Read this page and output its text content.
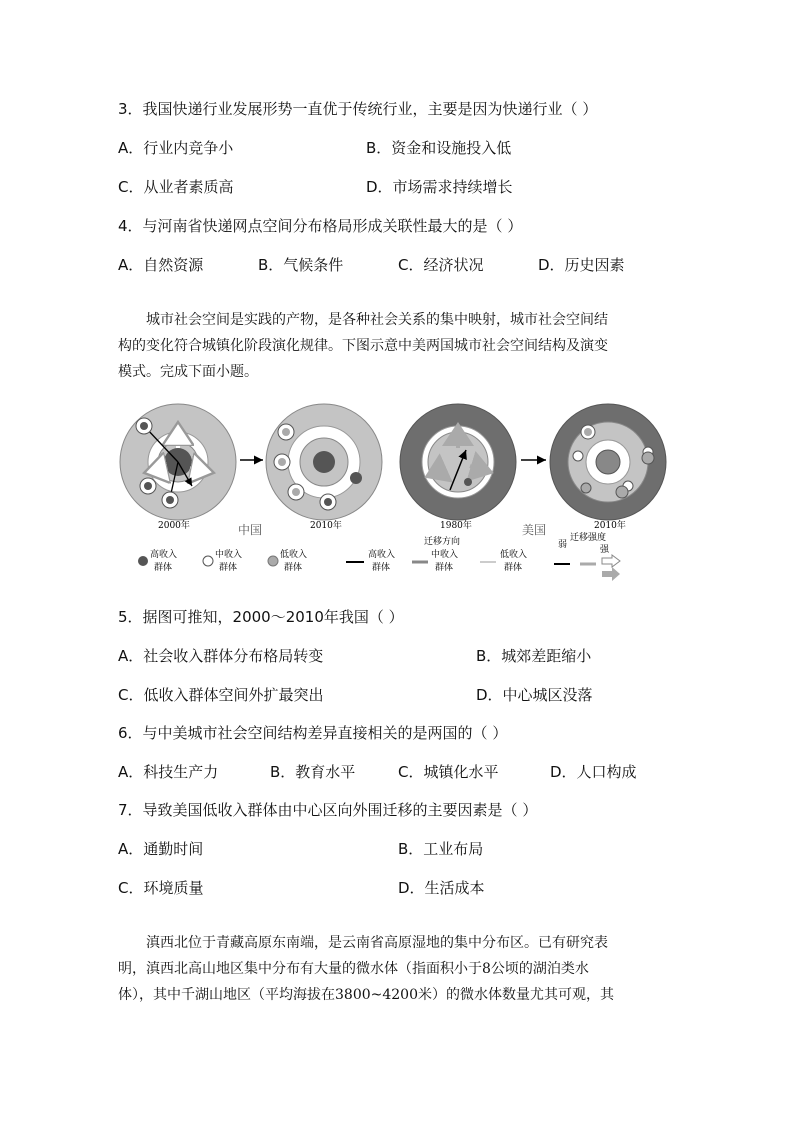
3．我国快递行业发展形势一直优于传统行业，主要是因为快递行业（ ）
A．行业内竞争小	B．资金和设施投入低
C．从业者素质高	D．市场需求持续增长
4．与河南省快递网点空间分布格局形成关联性最大的是（ ）
A．自然资源	B．气候条件	C．经济状况	D．历史因素

城市社会空间是实践的产物，是各种社会关系的集中映射，城市社会空间结

构的变化符合城镇化阶段演化规律。下图示意中美两国城市社会空间结构及演变

模式。完成下面小题。

2000年	中国	2010年	1980年	美国	2010年
高收入
群体
中收入
群体
低收入
群体
高收入
群体
迁移方向
中收入
群体
低收入
群体
弱
迁移强度
强
5．据图可推知，2000～2010年我国（ ）
A．社会收入群体分布格局转变	B．城郊差距缩小
C．低收入群体空间外扩最突出	D．中心城区没落
6．与中美城市社会空间结构差异直接相关的是两国的（ ）
A．科技生产力	B．教育水平	C．城镇化水平	D．人口构成
7．导致美国低收入群体由中心区向外围迁移的主要因素是（ ）
A．通勤时间	B．工业布局
C．环境质量	D．生活成本

滇西北位于青藏高原东南端，是云南省高原湿地的集中分布区。已有研究表

明，滇西北高山地区集中分布有大量的微水体（指面积小于8公顷的湖泊类水

体），其中千湖山地区（平均海拔在3800~4200米）的微水体数量尤其可观，其
